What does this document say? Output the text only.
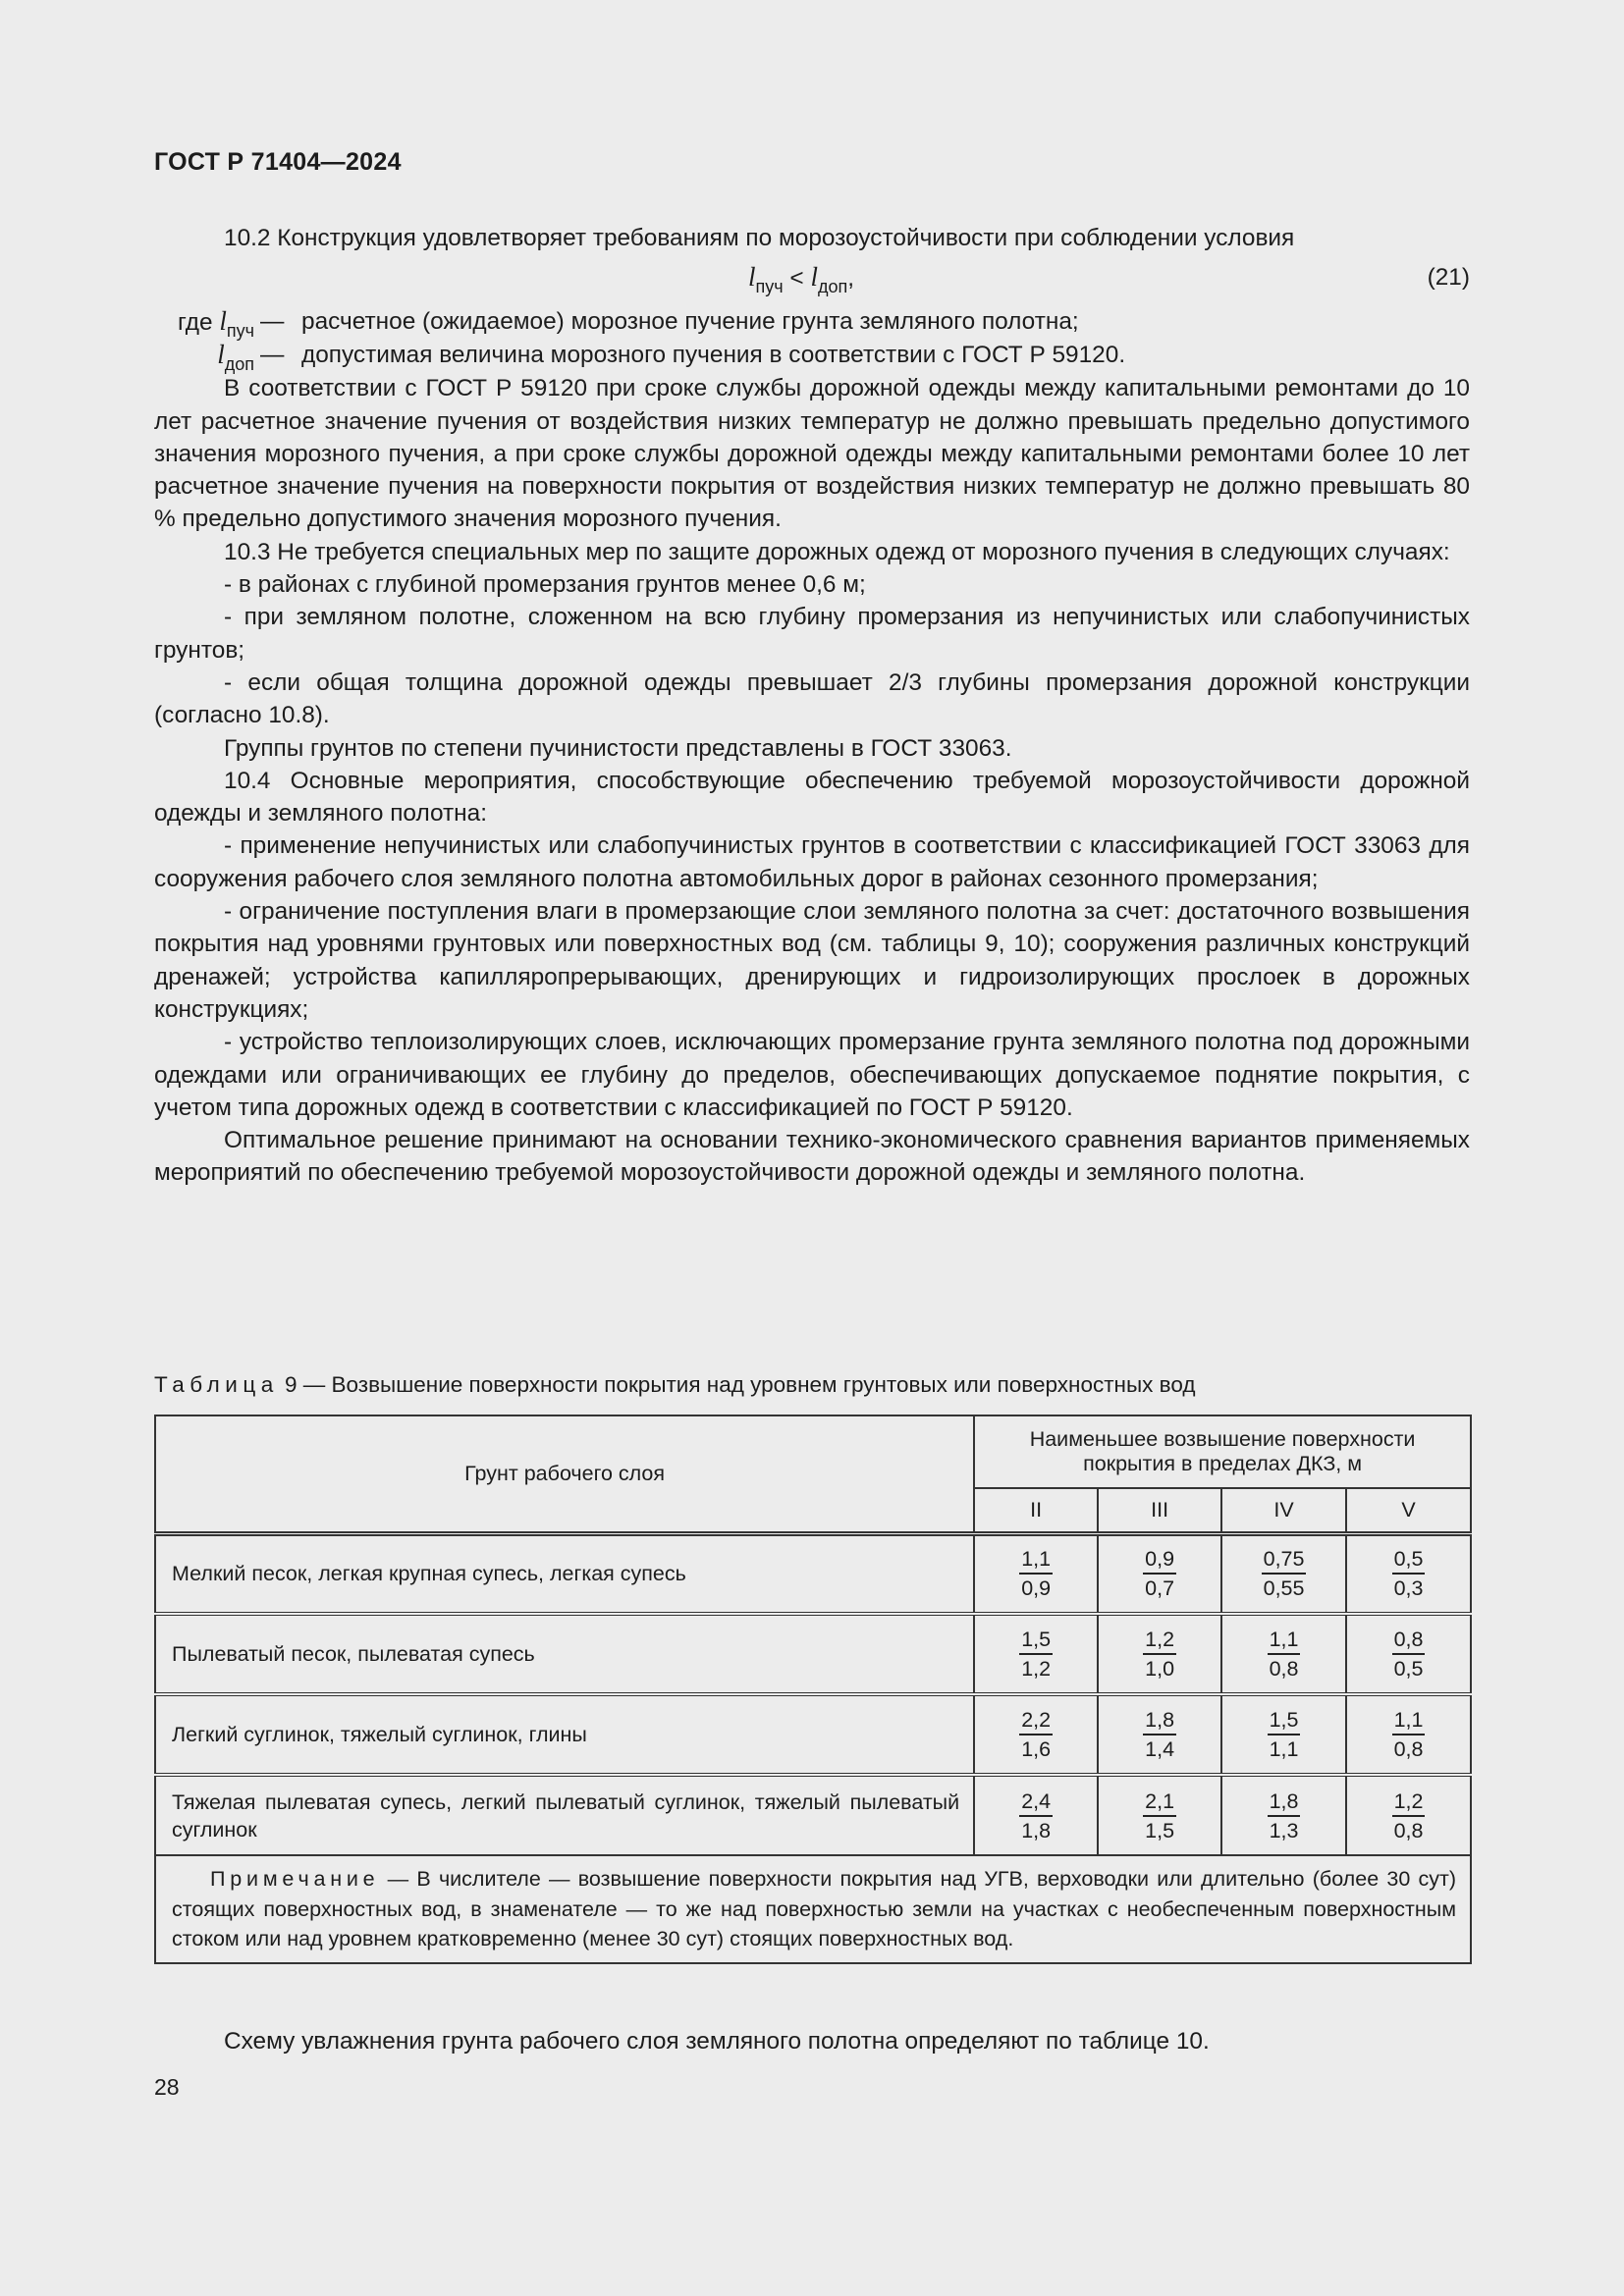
ГОСТ Р 71404—2024
10.2 Конструкция удовлетворяет требованиям по морозоустойчивости при соблюдении условия
$l_{пуч} < l_{доп}$,	(21)
где $l_{пуч}$ — расчетное (ожидаемое) морозное пучение грунта земляного полотна;
$l_{доп}$ — допустимая величина морозного пучения в соответствии с ГОСТ Р 59120.
В соответствии с ГОСТ Р 59120 при сроке службы дорожной одежды между капитальными ремонтами до 10 лет расчетное значение пучения от воздействия низких температур не должно превышать предельно допустимого значения морозного пучения, а при сроке службы дорожной одежды между капитальными ремонтами более 10 лет расчетное значение пучения на поверхности покрытия от воздействия низких температур не должно превышать 80 % предельно допустимого значения морозного пучения.
10.3 Не требуется специальных мер по защите дорожных одежд от морозного пучения в следующих случаях:
- в районах с глубиной промерзания грунтов менее 0,6 м;
- при земляном полотне, сложенном на всю глубину промерзания из непучинистых или слабопучинистых грунтов;
- если общая толщина дорожной одежды превышает 2/3 глубины промерзания дорожной конструкции (согласно 10.8).
Группы грунтов по степени пучинистости представлены в ГОСТ 33063.
10.4 Основные мероприятия, способствующие обеспечению требуемой морозоустойчивости дорожной одежды и земляного полотна:
- применение непучинистых или слабопучинистых грунтов в соответствии с классификацией ГОСТ 33063 для сооружения рабочего слоя земляного полотна автомобильных дорог в районах сезонного промерзания;
- ограничение поступления влаги в промерзающие слои земляного полотна за счет: достаточного возвышения покрытия над уровнями грунтовых или поверхностных вод (см. таблицы 9, 10); сооружения различных конструкций дренажей; устройства капилляропрерывающих, дренирующих и гидроизолирующих прослоек в дорожных конструкциях;
- устройство теплоизолирующих слоев, исключающих промерзание грунта земляного полотна под дорожными одеждами или ограничивающих ее глубину до пределов, обеспечивающих допускаемое поднятие покрытия, с учетом типа дорожных одежд в соответствии с классификацией по ГОСТ Р 59120.
Оптимальное решение принимают на основании технико-экономического сравнения вариантов применяемых мероприятий по обеспечению требуемой морозоустойчивости дорожной одежды и земляного полотна.
Таблица 9 — Возвышение поверхности покрытия над уровнем грунтовых или поверхностных вод
Грунт рабочего слоя	Наименьшее возвышение поверхности покрытия в пределах ДКЗ, м			

	II	III	IV	V
Мелкий песок, легкая крупная супесь, легкая супесь	$\frac{1,1}{0,9}$	$\frac{0,9}{0,7}$	$\frac{0,75}{0,55}$	$\frac{0,5}{0,3}$

Пылеватый песок, пылеватая супесь	$\frac{1,5}{1,2}$	$\frac{1,2}{1,0}$	$\frac{1,1}{0,8}$	$\frac{0,8}{0,5}$

Легкий суглинок, тяжелый суглинок, глины	$\frac{2,2}{1,6}$	$\frac{1,8}{1,4}$	$\frac{1,5}{1,1}$	$\frac{1,1}{0,8}$

Тяжелая пылеватая супесь, легкий пылеватый суглинок, тяжелый пылеватый суглинок	$\frac{2,4}{1,8}$	$\frac{2,1}{1,5}$	$\frac{1,8}{1,3}$	$\frac{1,2}{0,8}$

Примечание — В числителе — возвышение поверхности покрытия над УГВ, верховодки или длительно (более 30 сут) стоящих поверхностных вод, в знаменателе — то же над поверхностью земли на участках с необеспеченным поверхностным стоком или над уровнем кратковременно (менее 30 сут) стоящих поверхностных вод.				
Схему увлажнения грунта рабочего слоя земляного полотна определяют по таблице 10.
28
